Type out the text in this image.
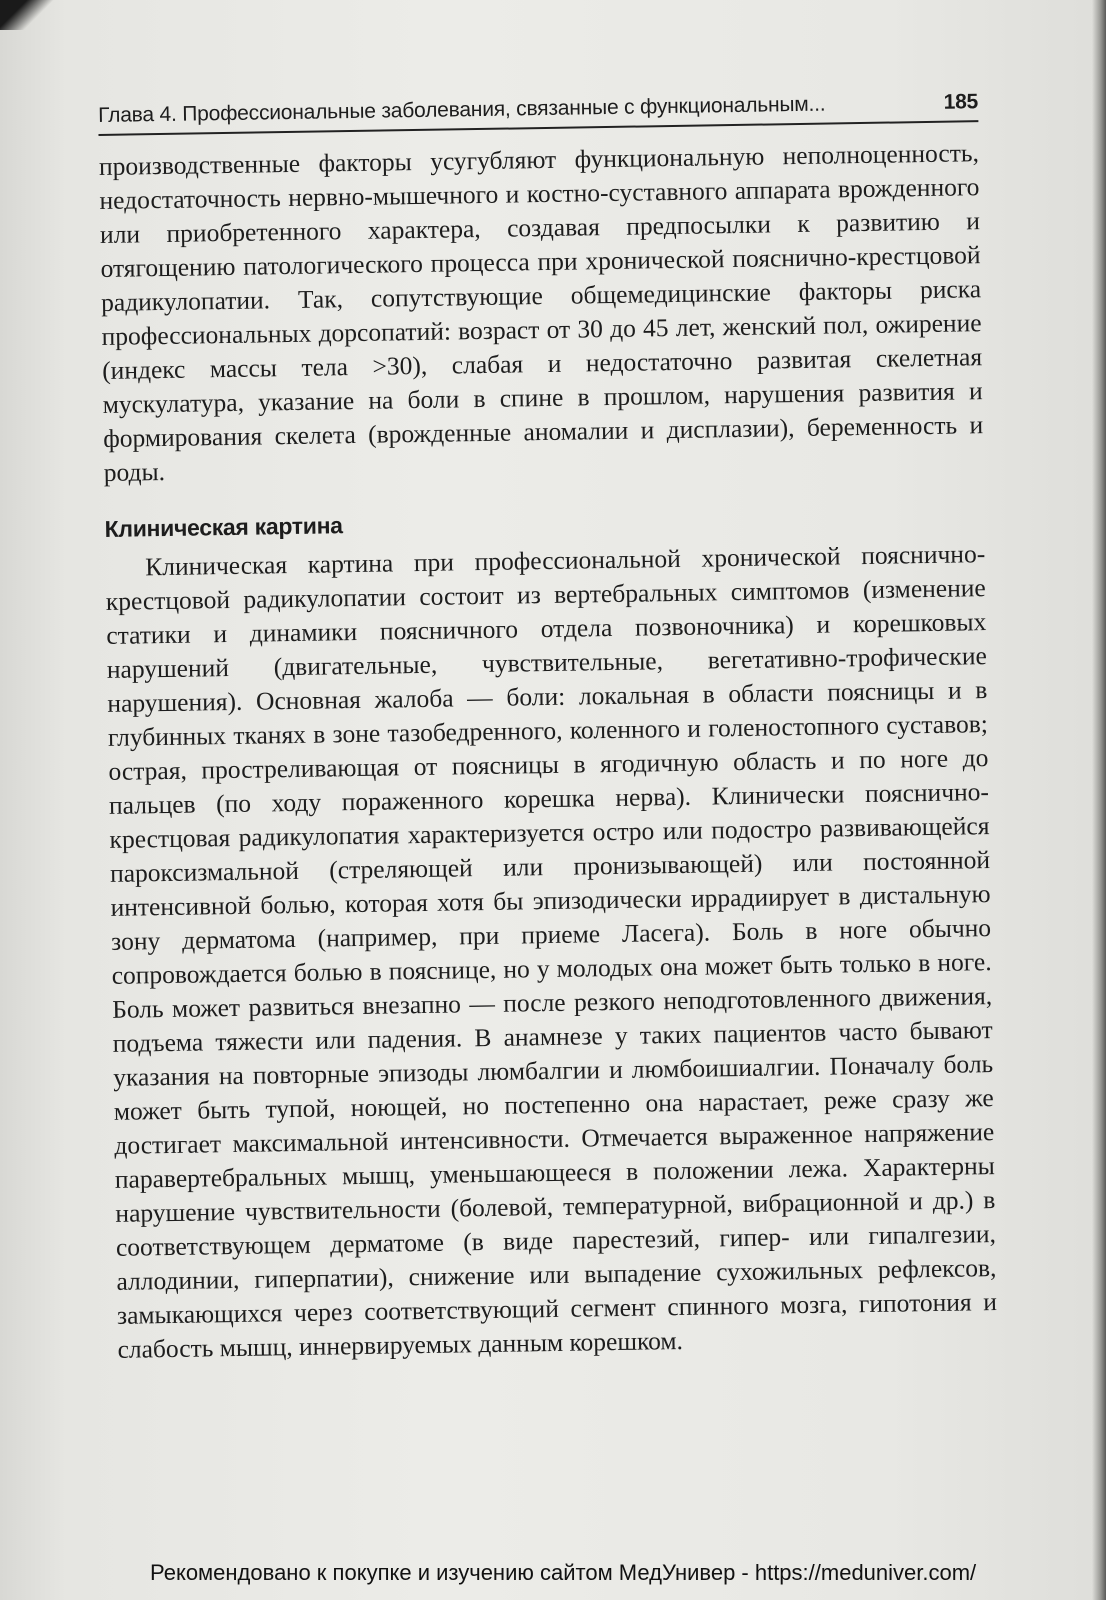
Глава 4. Профессиональные заболевания, связанные с функциональным...	185

производственные факторы усугубляют функциональную неполноценность, недостаточность нервно-мышечного и костно-суставного аппарата врожденного или приобретенного характера, создавая предпосылки к развитию и отягощению патологического процесса при хронической пояснично-крестцовой радикулопатии. Так, сопутствующие общемедицинские факторы риска профессиональных дорсопатий: возраст от 30 до 45 лет, женский пол, ожирение (индекс массы тела >30), слабая и недостаточно развитая скелетная мускулатура, указание на боли в спине в прошлом, нарушения развития и формирования скелета (врожденные аномалии и дисплазии), беременность и роды.

Клиническая картина

Клиническая картина при профессиональной хронической пояснично-крестцовой радикулопатии состоит из вертебральных симптомов (изменение статики и динамики поясничного отдела позвоночника) и корешковых нарушений (двигательные, чувствительные, вегетативно-трофические нарушения). Основная жалоба — боли: локальная в области поясницы и в глубинных тканях в зоне тазобедренного, коленного и голеностопного суставов; острая, простреливающая от поясницы в ягодичную область и по ноге до пальцев (по ходу пораженного корешка нерва). Клинически пояснично-крестцовая радикулопатия характеризуется остро или подостро развивающейся пароксизмальной (стреляющей или пронизывающей) или постоянной интенсивной болью, которая хотя бы эпизодически иррадиирует в дистальную зону дерматома (например, при приеме Ласега). Боль в ноге обычно сопровождается болью в пояснице, но у молодых она может быть только в ноге. Боль может развиться внезапно — после резкого неподготовленного движения, подъема тяжести или падения. В анамнезе у таких пациентов часто бывают указания на повторные эпизоды люмбалгии и люмбоишиалгии. Поначалу боль может быть тупой, ноющей, но постепенно она нарастает, реже сразу же достигает максимальной интенсивности. Отмечается выраженное напряжение паравертебральных мышц, уменьшающееся в положении лежа. Характерны нарушение чувствительности (болевой, температурной, вибрационной и др.) в соответствующем дерматоме (в виде парестезий, гипер- или гипалгезии, аллодинии, гиперпатии), снижение или выпадение сухожильных рефлексов, замыкающихся через соответствующий сегмент спинного мозга, гипотония и слабость мышц, иннервируемых данным корешком.

Рекомендовано к покупке и изучению сайтом МедУнивер - https://meduniver.com/
